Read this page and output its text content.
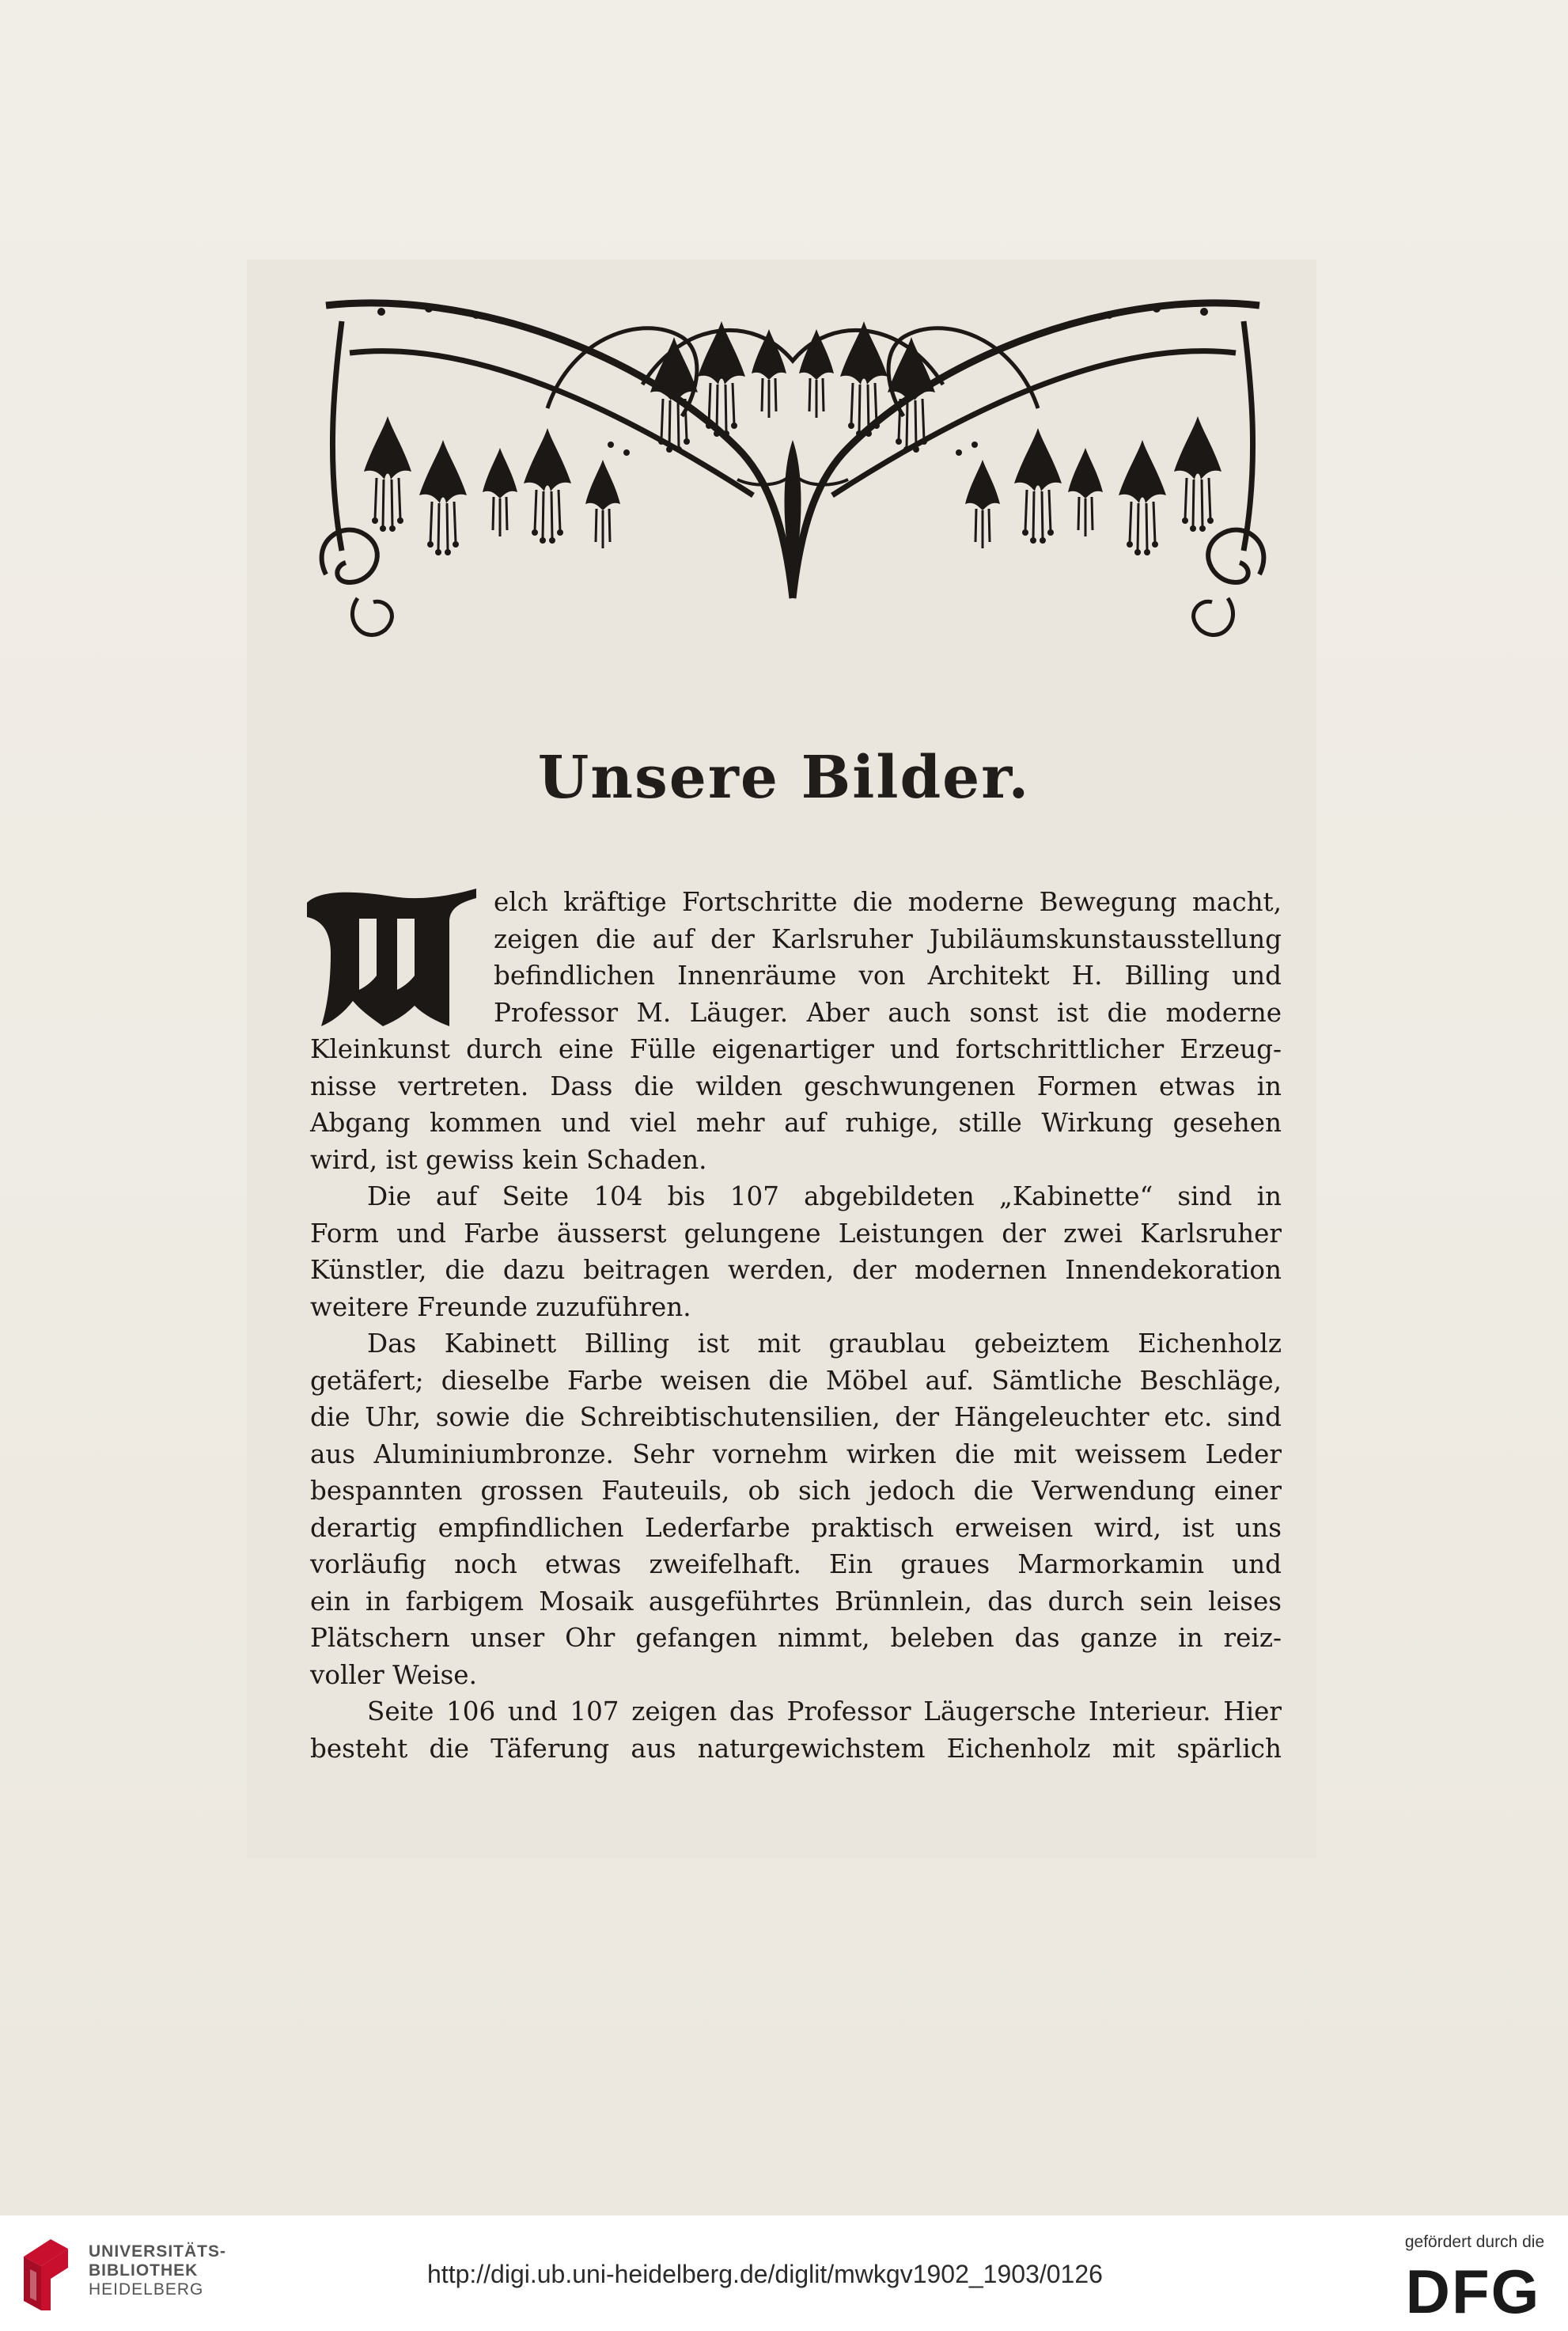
Unsere Bilder.
elch kräftige Fortschritte die moderne Bewegung macht,
zeigen die auf der Karlsruher Jubiläumskunstausstellung
befindlichen Innenräume von Architekt H. Billing und
Professor M. Läuger. Aber auch sonst ist die moderne
Kleinkunst durch eine Fülle eigenartiger und fortschrittlicher Erzeug-
nisse vertreten. Dass die wilden geschwungenen Formen etwas in
Abgang kommen und viel mehr auf ruhige, stille Wirkung gesehen
wird, ist gewiss kein Schaden.
Die auf Seite 104 bis 107 abgebildeten „Kabinette“ sind in
Form und Farbe äusserst gelungene Leistungen der zwei Karlsruher
Künstler, die dazu beitragen werden, der modernen Innendekoration
weitere Freunde zuzuführen.
Das Kabinett Billing ist mit graublau gebeiztem Eichenholz
getäfert; dieselbe Farbe weisen die Möbel auf. Sämtliche Beschläge,
die Uhr, sowie die Schreibtischutensilien, der Hängeleuchter etc. sind
aus Aluminiumbronze. Sehr vornehm wirken die mit weissem Leder
bespannten grossen Fauteuils, ob sich jedoch die Verwendung einer
derartig empfindlichen Lederfarbe praktisch erweisen wird, ist uns
vorläufig noch etwas zweifelhaft. Ein graues Marmorkamin und
ein in farbigem Mosaik ausgeführtes Brünnlein, das durch sein leises
Plätschern unser Ohr gefangen nimmt, beleben das ganze in reiz-
voller Weise.
Seite 106 und 107 zeigen das Professor Läugersche Interieur. Hier
besteht die Täferung aus naturgewichstem Eichenholz mit spärlich
UNIVERSITÄTS-
BIBLIOTHEK
HEIDELBERG
http://digi.ub.uni-heidelberg.de/diglit/mwkgv1902_1903/0126
gefördert durch die
DFG
